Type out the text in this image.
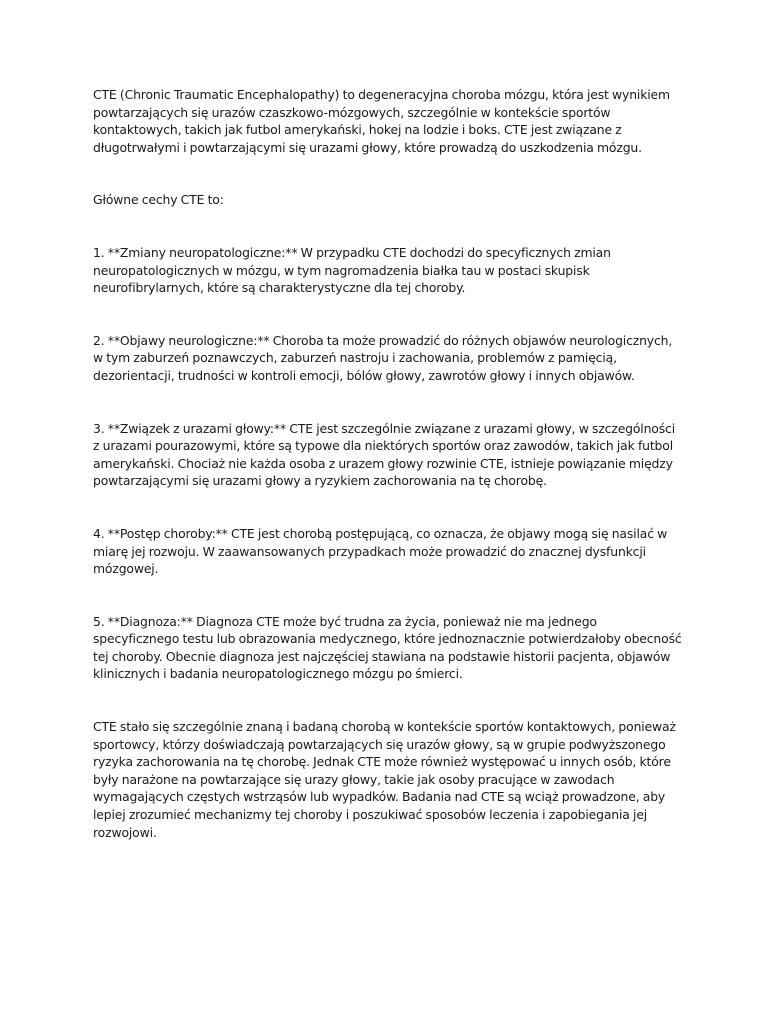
CTE (Chronic Traumatic Encephalopathy) to degeneracyjna choroba mózgu, która jest wynikiem powtarzających się urazów czaszkowo-mózgowych, szczególnie w kontekście sportów kontaktowych, takich jak futbol amerykański, hokej na lodzie i boks. CTE jest związane z długotrwałymi i powtarzającymi się urazami głowy, które prowadzą do uszkodzenia mózgu.

Główne cechy CTE to:

1. **Zmiany neuropatologiczne:** W przypadku CTE dochodzi do specyficznych zmian neuropatologicznych w mózgu, w tym nagromadzenia białka tau w postaci skupisk neurofibrylarnych, które są charakterystyczne dla tej choroby.

2. **Objawy neurologiczne:** Choroba ta może prowadzić do różnych objawów neurologicznych, w tym zaburzeń poznawczych, zaburzeń nastroju i zachowania, problemów z pamięcią, dezorientacji, trudności w kontroli emocji, bólów głowy, zawrotów głowy i innych objawów.

3. **Związek z urazami głowy:** CTE jest szczególnie związane z urazami głowy, w szczególności z urazami pourazowymi, które są typowe dla niektórych sportów oraz zawodów, takich jak futbol amerykański. Chociaż nie każda osoba z urazem głowy rozwinie CTE, istnieje powiązanie między powtarzającymi się urazami głowy a ryzykiem zachorowania na tę chorobę.

4. **Postęp choroby:** CTE jest chorobą postępującą, co oznacza, że objawy mogą się nasilać w miarę jej rozwoju. W zaawansowanych przypadkach może prowadzić do znacznej dysfunkcji mózgowej.

5. **Diagnoza:** Diagnoza CTE może być trudna za życia, ponieważ nie ma jednego specyficznego testu lub obrazowania medycznego, które jednoznacznie potwierdzałoby obecność tej choroby. Obecnie diagnoza jest najczęściej stawiana na podstawie historii pacjenta, objawów klinicznych i badania neuropatologicznego mózgu po śmierci.

CTE stało się szczególnie znaną i badaną chorobą w kontekście sportów kontaktowych, ponieważ sportowcy, którzy doświadczają powtarzających się urazów głowy, są w grupie podwyższonego ryzyka zachorowania na tę chorobę. Jednak CTE może również występować u innych osób, które były narażone na powtarzające się urazy głowy, takie jak osoby pracujące w zawodach wymagających częstych wstrząsów lub wypadków. Badania nad CTE są wciąż prowadzone, aby lepiej zrozumieć mechanizmy tej choroby i poszukiwać sposobów leczenia i zapobiegania jej rozwojowi.
